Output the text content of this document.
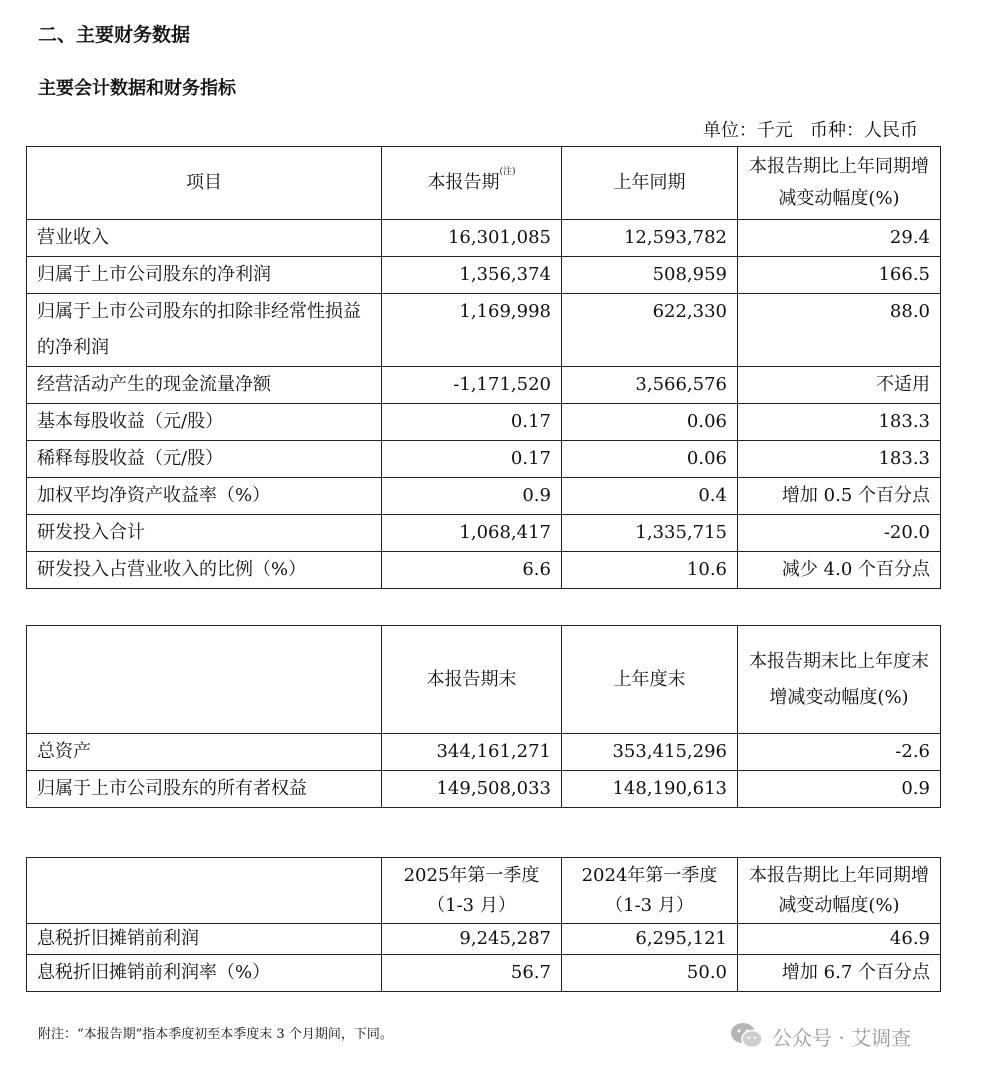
二、主要财务数据
主要会计数据和财务指标
单位：千元   币种：人民币
项目	本报告期$^{(注)}$	上年同期	本报告期比上年同期增减变动幅度(%)
营业收入	16,301,085	12,593,782	29.4
归属于上市公司股东的净利润	1,356,374	508,959	166.5
归属于上市公司股东的扣除非经常性损益的净利润	1,169,998	622,330	88.0
经营活动产生的现金流量净额	-1,171,520	3,566,576	不适用
基本每股收益（元/股）	0.17	0.06	183.3
稀释每股收益（元/股）	0.17	0.06	183.3
加权平均净资产收益率（%）	0.9	0.4	增加 0.5 个百分点
研发投入合计	1,068,417	1,335,715	-20.0
研发投入占营业收入的比例（%）	6.6	10.6	减少 4.0 个百分点
	本报告期末	上年度末	本报告期末比上年度末增减变动幅度(%)
总资产	344,161,271	353,415,296	-2.6
归属于上市公司股东的所有者权益	149,508,033	148,190,613	0.9
	2025年第一季度（1-3 月）	2024年第一季度（1-3 月）	本报告期比上年同期增减变动幅度(%)
息税折旧摊销前利润	9,245,287	6,295,121	46.9
息税折旧摊销前利润率（%）	56.7	50.0	增加 6.7 个百分点
附注：“本报告期”指本季度初至本季度末 3 个月期间，下同。	公众号 · 艾调查
